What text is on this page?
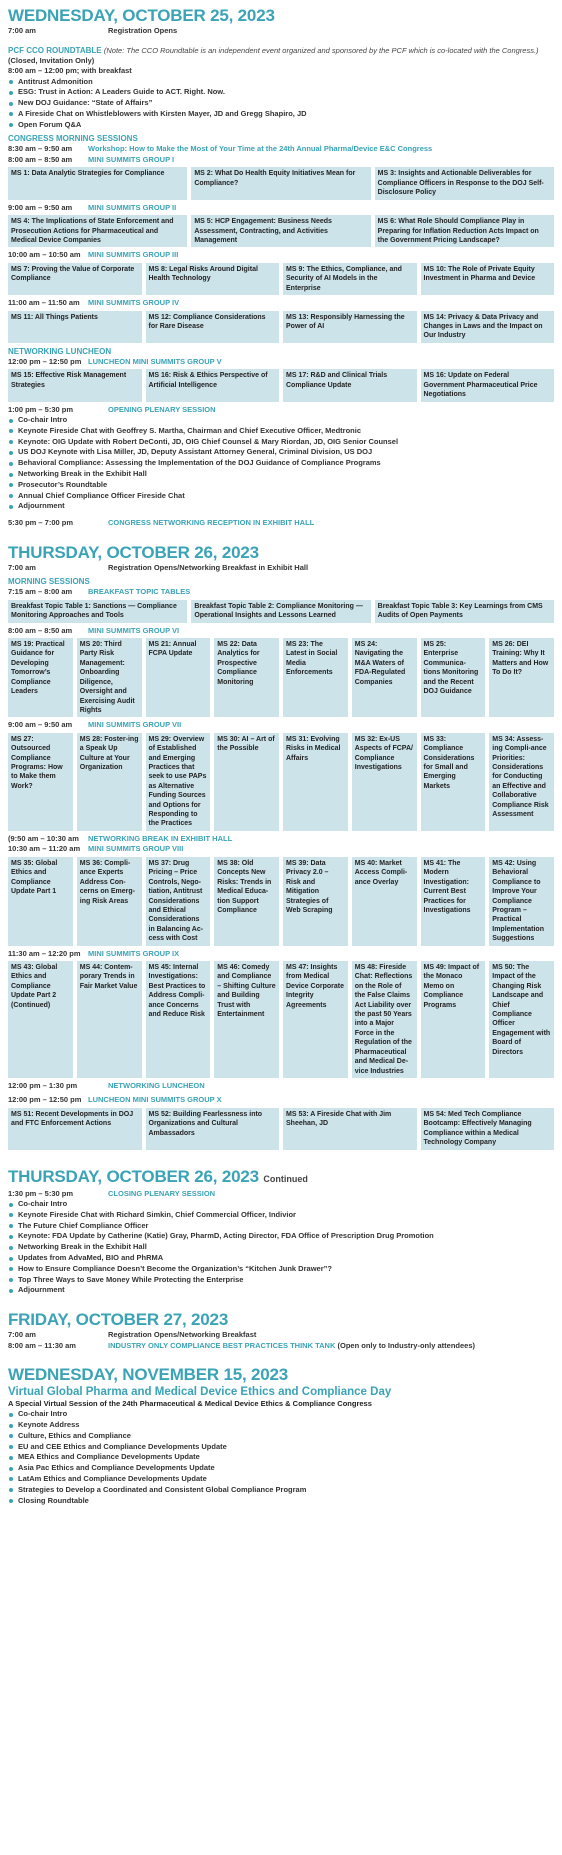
WEDNESDAY, OCTOBER 25, 2023
7:00 am	Registration Opens
PCF CCO ROUNDTABLE (Note: The CCO Roundtable is an independent event organized and sponsored by the PCF which is co-located with the Congress.)
(Closed, Invitation Only)
8:00 am – 12:00 pm; with breakfast
Antitrust Admonition
ESG: Trust in Action: A Leaders Guide to ACT. Right. Now.
New DOJ Guidance: “State of Affairs”
A Fireside Chat on Whistleblowers with Kirsten Mayer, JD and Gregg Shapiro, JD
Open Forum Q&A
CONGRESS MORNING SESSIONS
8:30 am – 9:50 am	Workshop: How to Make the Most of Your Time at the 24th Annual Pharma/Device E&C Congress
8:00 am – 8:50 am	MINI SUMMITS GROUP I
MS 1: Data Analytic Strategies for Compliance	MS 2: What Do Health Equity Initiatives Mean for Compliance?
MS 3: Insights and Actionable Deliverables for Compliance Officers in Response to the DOJ Self-Disclosure Policy
9:00 am – 9:50 am	MINI SUMMITS GROUP II
MS 4: The Implications of State Enforcement and Prosecution Actions for Pharmaceutical and Medical Device Companies
MS 5: HCP Engagement: Business Needs Assessment, Contracting, and Activities Management
MS 6: What Role Should Compliance Play in Preparing for Inflation Reduction Acts Impact on the Government Pricing Landscape?
10:00 am – 10:50 am MINI SUMMITS GROUP III
MS 7: Proving the Value of Corporate Compliance
MS 8: Legal Risks Around Digital Health Technology
MS 9: The Ethics, Compliance, and Security of AI Models in the Enterprise
MS 10: The Role of Private Equity Investment in Pharma and Device
11:00 am – 11:50 am	MINI SUMMITS GROUP IV
MS 11: All Things Patients	MS 12: Compliance Considerations for Rare Disease
MS 13: Responsibly Harnessing the Power of AI
MS 14: Privacy & Data Privacy and Changes in Laws and the Impact on Our Industry
NETWORKING LUNCHEON
12:00 pm – 12:50 pm LUNCHEON MINI SUMMITS GROUP V
MS 15: Effective Risk Management Strategies
MS 16: Risk & Ethics Perspective of Artificial Intelligence
MS 17: R&D and Clinical Trials Compliance Update
MS 16: Update on Federal Government Pharmaceutical Price Negotiations
1:00 pm – 5:30 pm	OPENING PLENARY SESSION
Co-chair Intro
Keynote Fireside Chat with Geoffrey S. Martha, Chairman and Chief Executive Officer, Medtronic
Keynote: OIG Update with Robert DeConti, JD, OIG Chief Counsel & Mary Riordan, JD, OIG Senior Counsel
US DOJ Keynote with Lisa Miller, JD, Deputy Assistant Attorney General, Criminal Division, US DOJ
Behavioral Compliance: Assessing the Implementation of the DOJ Guidance of Compliance Programs
Networking Break in the Exhibit Hall
Prosecutor’s Roundtable
Annual Chief Compliance Officer Fireside Chat
Adjournment
5:30 pm – 7:00 pm	CONGRESS NETWORKING RECEPTION IN EXHIBIT HALL
THURSDAY, OCTOBER 26, 2023
7:00 am	Registration Opens/Networking Breakfast in Exhibit Hall
MORNING SESSIONS
7:15 am – 8:00 am	BREAKFAST TOPIC TABLES
Breakfast Topic Table 1: Sanctions — Compliance Monitoring Approaches and Tools
Breakfast Topic Table 2: Compliance Monitoring — Operational Insights and Lessons Learned
Breakfast Topic Table 3: Key Learnings from CMS Audits of Open Payments
8:00 am – 8:50 am	MINI SUMMITS GROUP VI
MS 19: Practical Guidance for Developing Tomorrow’s Compliance Leaders
MS 20: Third Party Risk Management: Onboarding Diligence, Oversight and Exercising Audit Rights
MS 21: Annual FCPA Update
MS 22: Data Analytics for Prospective Compliance Monitoring
MS 23: The Latest in Social Media Enforcements
MS 24: Navigating the M&A Waters of FDA-Regulated Companies
MS 25: Enterprise Communica-tions Monitoring and the Recent DOJ Guidance
MS 26: DEI Training: Why It Matters and How To Do It?
9:00 am – 9:50 am	MINI SUMMITS GROUP VII
MS 27: Outsourced Compliance Programs: How to Make them Work?
MS 28: Foster-ing a Speak Up Culture at Your Organization
MS 29: Overview of Established and Emerging Practices that seek to use PAPs as Alternative Funding Sources and Options for Responding to the Practices
MS 30: AI – Art of the Possible
MS 31: Evolving Risks in Medical Affairs
MS 32: Ex-US Aspects of FCPA/ Compliance Investigations
MS 33: Compliance Considerations for Small and Emerging Markets
MS 34: Assess-ing Compli-ance Priorities: Considerations for Conducting an Effective and Collaborative Compliance Risk Assessment
(9:50 am – 10:30 am	NETWORKING BREAK IN EXHIBIT HALL
10:30 am – 11:20 am	MINI SUMMITS GROUP VIII
MS 35: Global Ethics and Compliance Update Part 1
MS 36: Compli-ance Experts Address Con-cerns on Emerg-ing Risk Areas
MS 37: Drug Pricing – Price Controls, Nego-tiation, Antitrust Considerations and Ethical Considerations in Balancing Ac-cess with Cost
MS 38: Old Concepts New Risks: Trends in Medical Educa-tion Support Compliance
MS 39: Data Privacy 2.0 – Risk and Mitigation Strategies of Web Scraping
MS 40: Market Access Compli-ance Overlay
MS 41: The Modern Investigation: Current Best Practices for Investigations
MS 42: Using Behavioral Compliance to Improve Your Compliance Program – Practical Implementation Suggestions
11:30 am – 12:20 pm MINI SUMMITS GROUP IX
MS 43: Global Ethics and Compliance Update Part 2 (Continued)
MS 44: Contem-porary Trends in Fair Market Value
MS 45: Internal Investigations: Best Practices to Address Compli-ance Concerns and Reduce Risk
MS 46: Comedy and Compliance – Shifting Culture and Building Trust with Entertainment
MS 47: Insights from Medical Device Corporate Integrity Agreements
MS 48: Fireside Chat: Reflections on the Role of the False Claims Act Liability over the past 50 Years into a Major Force in the Regulation of the Pharmaceutical and Medical De-vice Industries
MS 49: Impact of the Monaco Memo on Compliance Programs
MS 50: The Impact of the Changing Risk Landscape and Chief Compliance Officer Engagement with Board of Directors
12:00 pm – 1:30 pm	NETWORKING LUNCHEON
12:00 pm – 12:50 pm LUNCHEON MINI SUMMITS GROUP X
MS 51: Recent Developments in DOJ and FTC Enforcement Actions
MS 52: Building Fearlessness into Organizations and Cultural Ambassadors
MS 53: A Fireside Chat with Jim Sheehan, JD
MS 54: Med Tech Compliance Bootcamp: Effectively Managing Compliance within a Medical Technology Company
THURSDAY, OCTOBER 26, 2023 Continued
1:30 pm – 5:30 pm	CLOSING PLENARY SESSION
Co-chair Intro
Keynote Fireside Chat with Richard Simkin, Chief Commercial Officer, Indivior
The Future Chief Compliance Officer
Keynote: FDA Update by Catherine (Katie) Gray, PharmD, Acting Director, FDA Office of Prescription Drug Promotion
Networking Break in the Exhibit Hall
Updates from AdvaMed, BIO and PhRMA
How to Ensure Compliance Doesn’t Become the Organization’s “Kitchen Junk Drawer”?
Top Three Ways to Save Money While Protecting the Enterprise
Adjournment
FRIDAY, OCTOBER 27, 2023
7:00 am	Registration Opens/Networking Breakfast
8:00 am – 11:30 am	INDUSTRY ONLY COMPLIANCE BEST PRACTICES THINK TANK (Open only to Industry-only attendees)
WEDNESDAY, NOVEMBER 15, 2023
Virtual Global Pharma and Medical Device Ethics and Compliance Day
A Special Virtual Session of the 24th Pharmaceutical & Medical Device Ethics & Compliance Congress
Co-chair Intro
Keynote Address
Culture, Ethics and Compliance
EU and CEE Ethics and Compliance Developments Update
MEA Ethics and Compliance Developments Update
Asia Pac Ethics and Compliance Developments Update
LatAm Ethics and Compliance Developments Update
Strategies to Develop a Coordinated and Consistent Global Compliance Program
Closing Roundtable
